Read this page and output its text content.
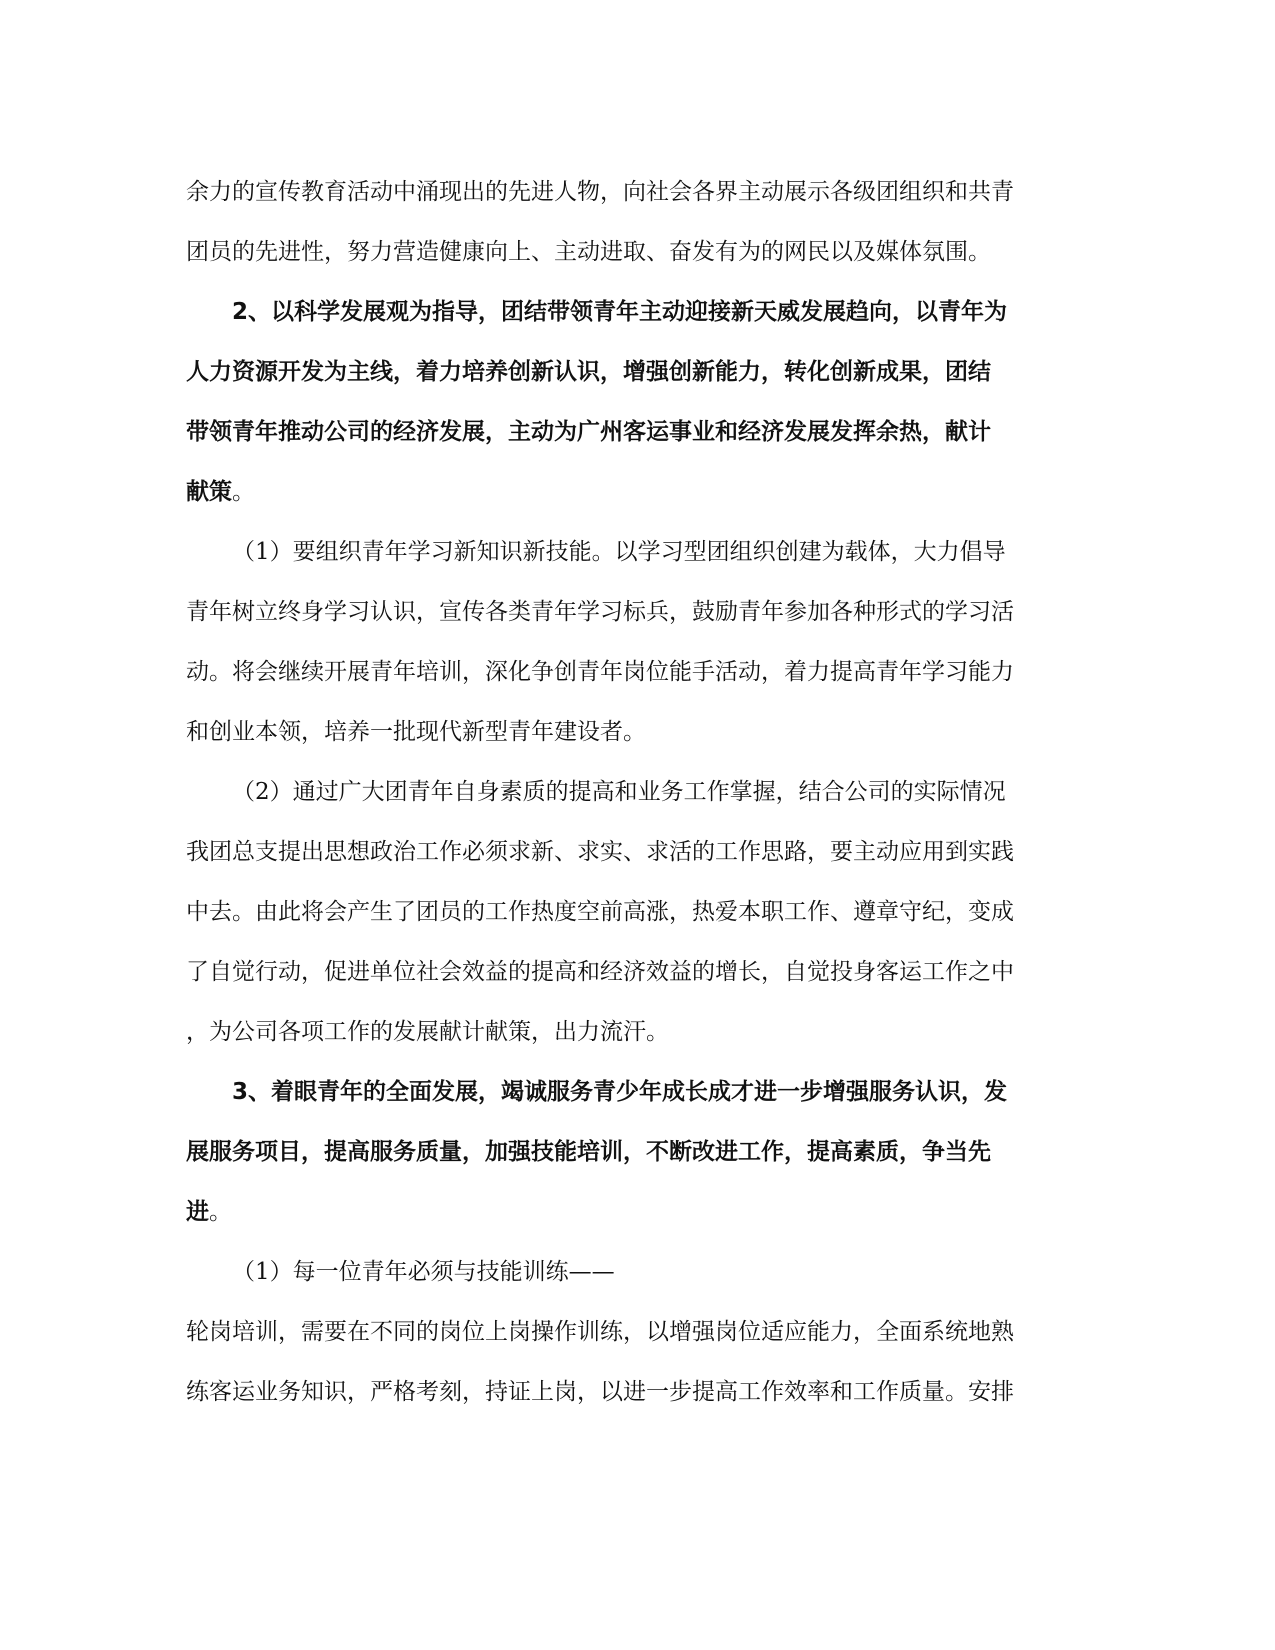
余力的宣传教育活动中涌现出的先进人物，向社会各界主动展示各级团组织和共青
团员的先进性，努力营造健康向上、主动进取、奋发有为的网民以及媒体氛围。
2、以科学发展观为指导，团结带领青年主动迎接新天威发展趋向，以青年为
人力资源开发为主线，着力培养创新认识，增强创新能力，转化创新成果，团结
带领青年推动公司的经济发展，主动为广州客运事业和经济发展发挥余热，献计
献策。
（1）要组织青年学习新知识新技能。以学习型团组织创建为载体，大力倡导
青年树立终身学习认识，宣传各类青年学习标兵，鼓励青年参加各种形式的学习活
动。将会继续开展青年培训，深化争创青年岗位能手活动，着力提高青年学习能力
和创业本领，培养一批现代新型青年建设者。
（2）通过广大团青年自身素质的提高和业务工作掌握，结合公司的实际情况
我团总支提出思想政治工作必须求新、求实、求活的工作思路，要主动应用到实践
中去。由此将会产生了团员的工作热度空前高涨，热爱本职工作、遵章守纪，变成
了自觉行动，促进单位社会效益的提高和经济效益的增长，自觉投身客运工作之中
，为公司各项工作的发展献计献策，出力流汗。
3、着眼青年的全面发展，竭诚服务青少年成长成才进一步增强服务认识，发
展服务项目，提高服务质量，加强技能培训，不断改进工作，提高素质，争当先
进。
（1）每一位青年必须与技能训练——
轮岗培训，需要在不同的岗位上岗操作训练，以增强岗位适应能力，全面系统地熟
练客运业务知识，严格考刻，持证上岗，以进一步提高工作效率和工作质量。安排
